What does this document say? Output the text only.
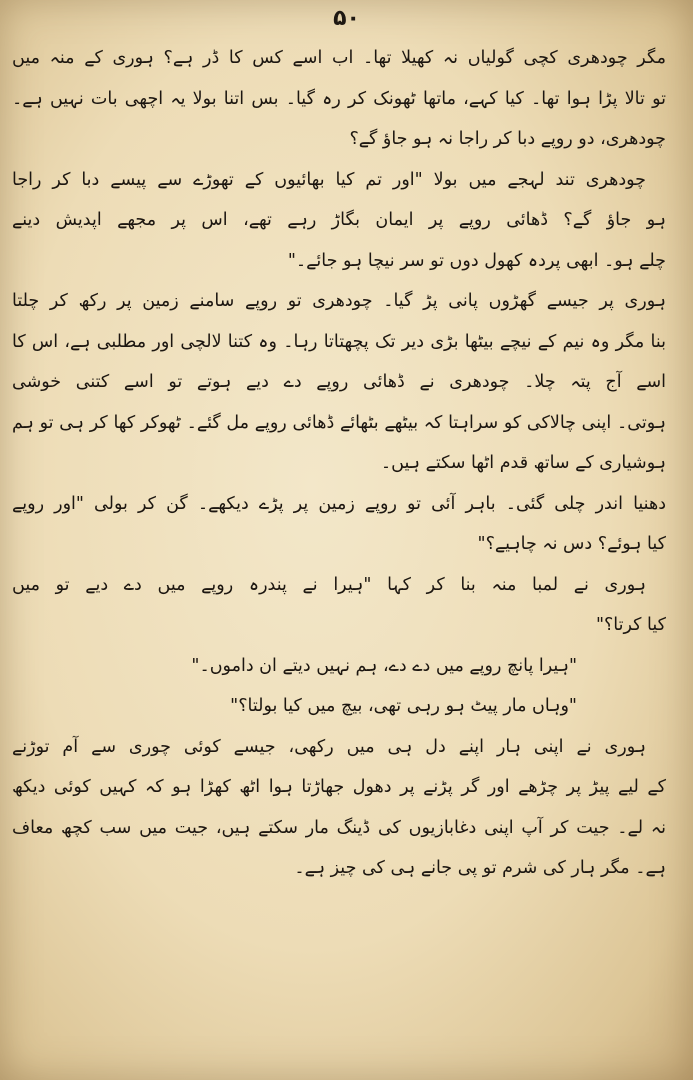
۵۰
مگر چودھری کچی گولیاں نہ کھیلا تھا۔ اب اسے کس کا ڈر ہے؟ ہوری کے منہ میں
تو تالا پڑا ہوا تھا۔ کیا کہے، ماتھا ٹھونک کر رہ گیا۔ بس اتنا بولا یہ اچھی بات نہیں ہے۔
چودھری، دو روپے دبا کر راجا نہ ہو جاؤ گے؟
چودھری تند لہجے میں بولا "اور تم کیا بھائیوں کے تھوڑے سے پیسے دبا کر راجا
ہو جاؤ گے؟ ڈھائی روپے پر ایمان بگاڑ رہے تھے، اس پر مجھے اپدیش دینے
چلے ہو۔ ابھی پردہ کھول دوں تو سر نیچا ہو جائے۔"
ہوری پر جیسے گھڑوں پانی پڑ گیا۔ چودھری تو روپے سامنے زمین پر رکھ کر چلتا
بنا مگر وہ نیم کے نیچے بیٹھا بڑی دیر تک پچھتاتا رہا۔ وہ کتنا لالچی اور مطلبی ہے، اس کا
اسے آج پتہ چلا۔ چودھری نے ڈھائی روپے دے دیے ہوتے تو اسے کتنی خوشی
ہوتی۔ اپنی چالاکی کو سراہتا کہ بیٹھے بٹھائے ڈھائی روپے مل گئے۔ ٹھوکر کھا کر ہی تو ہم
ہوشیاری کے ساتھ قدم اٹھا سکتے ہیں۔
دھنیا اندر چلی گئی۔ باہر آئی تو روپے زمین پر پڑے دیکھے۔ گن کر بولی "اور روپے
کیا ہوئے؟ دس نہ چاہیے؟"
ہوری نے لمبا منہ بنا کر کہا "ہیرا نے پندرہ روپے میں دے دیے تو میں
کیا کرتا؟"
"ہیرا پانچ روپے میں دے دے، ہم نہیں دیتے ان داموں۔"
"وہاں مار پیٹ ہو رہی تھی، بیچ میں کیا بولتا؟"
ہوری نے اپنی ہار اپنے دل ہی میں رکھی، جیسے کوئی چوری سے آم توڑنے
کے لیے پیڑ پر چڑھے اور گر پڑنے پر دھول جھاڑتا ہوا اٹھ کھڑا ہو کہ کہیں کوئی دیکھ
نہ لے۔ جیت کر آپ اپنی دغابازیوں کی ڈینگ مار سکتے ہیں، جیت میں سب کچھ معاف
ہے۔ مگر ہار کی شرم تو پی جانے ہی کی چیز ہے۔
